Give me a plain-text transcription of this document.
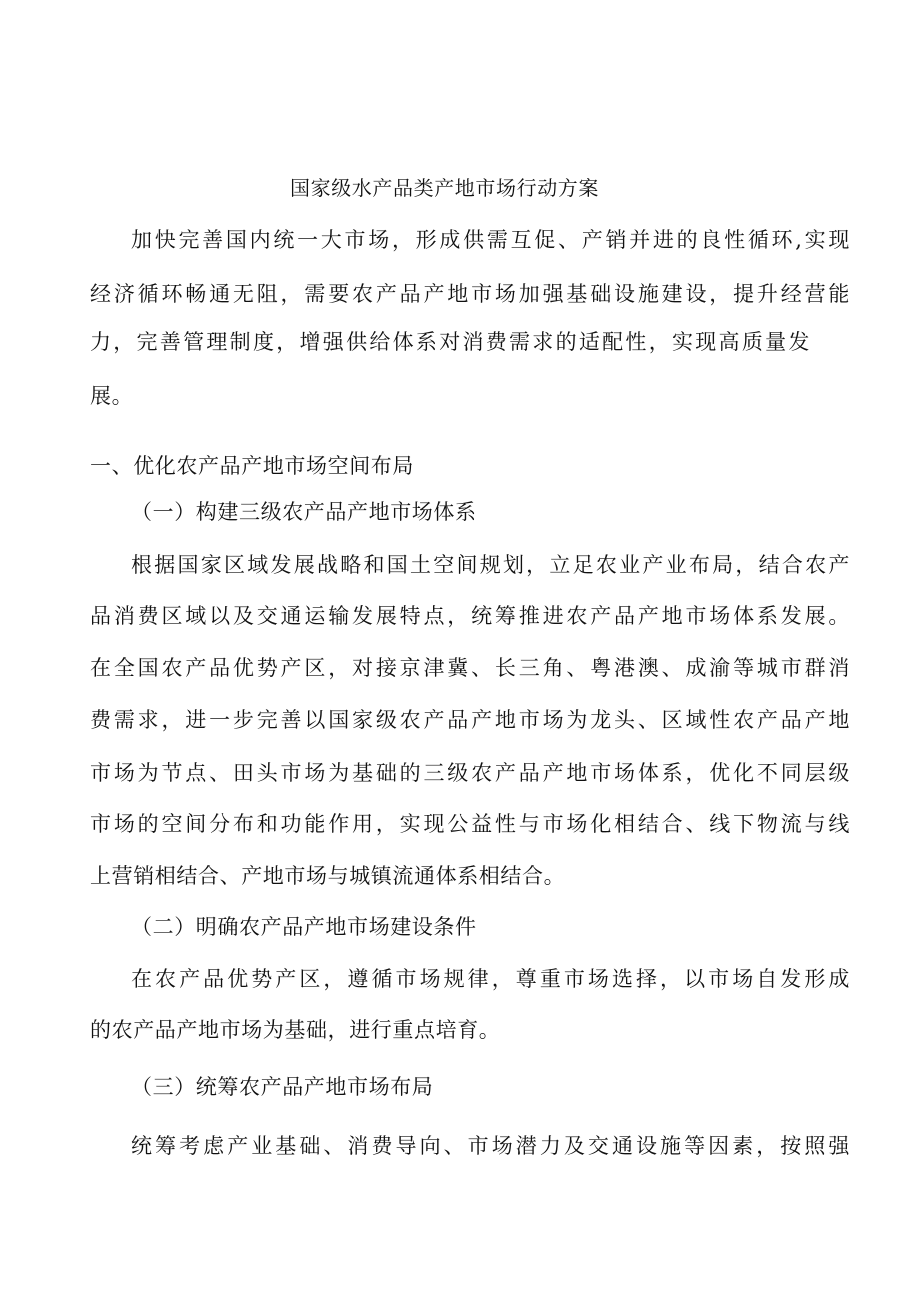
国家级水产品类产地市场行动方案
加快完善国内统一大市场，形成供需互促、产销并进的良性循环,实现
经济循环畅通无阻，需要农产品产地市场加强基础设施建设，提升经营能
力，完善管理制度，增强供给体系对消费需求的适配性，实现高质量发
展。
一、优化农产品产地市场空间布局
（一）构建三级农产品产地市场体系
根据国家区域发展战略和国土空间规划，立足农业产业布局，结合农产
品消费区域以及交通运输发展特点，统筹推进农产品产地市场体系发展。
在全国农产品优势产区，对接京津冀、长三角、粤港澳、成渝等城市群消
费需求，进一步完善以国家级农产品产地市场为龙头、区域性农产品产地
市场为节点、田头市场为基础的三级农产品产地市场体系，优化不同层级
市场的空间分布和功能作用，实现公益性与市场化相结合、线下物流与线
上营销相结合、产地市场与城镇流通体系相结合。
（二）明确农产品产地市场建设条件
在农产品优势产区，遵循市场规律，尊重市场选择，以市场自发形成
的农产品产地市场为基础，进行重点培育。
（三）统筹农产品产地市场布局
统筹考虑产业基础、消费导向、市场潜力及交通设施等因素，按照强
